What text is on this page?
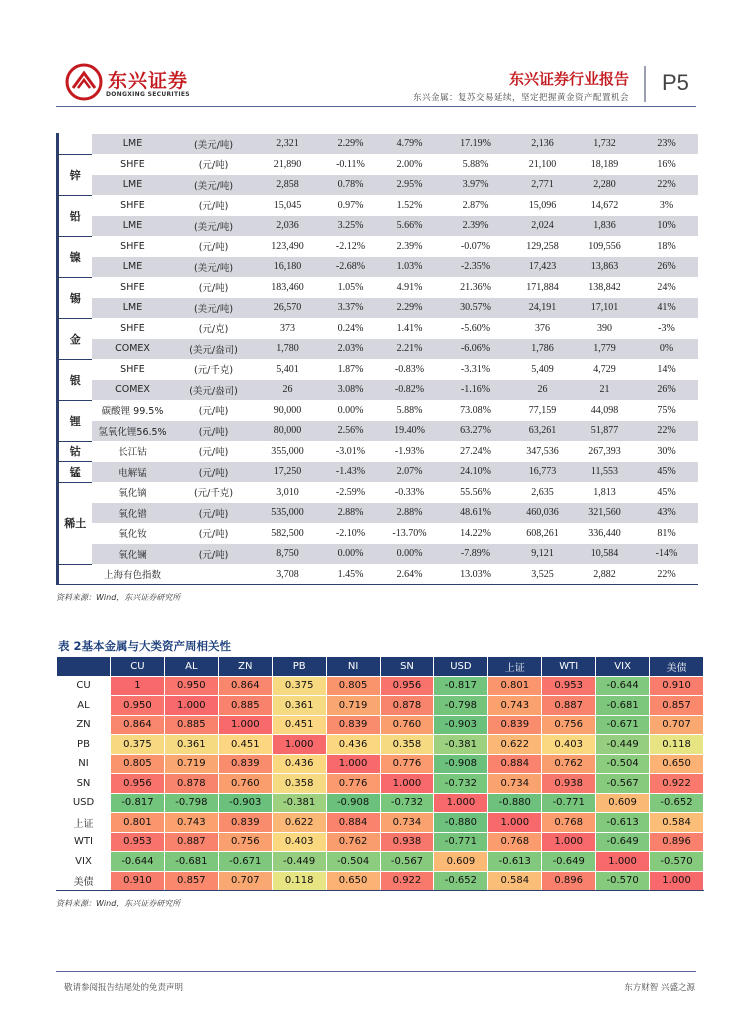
东兴证券
DONGXING SECURITIES
东兴证券行业报告
东兴金属：复苏交易延续，坚定把握黄金资产配置机会
P5
	LME	(美元/吨)	2,321	2.29%	4.79%	17.19%	2,136	1,732	23%
锌	SHFE	(元/吨)	21,890	-0.11%	2.00%	5.88%	21,100	18,189	16%
	LME	(美元/吨)	2,858	0.78%	2.95%	3.97%	2,771	2,280	22%
铅	SHFE	(元/吨)	15,045	0.97%	1.52%	2.87%	15,096	14,672	3%
	LME	(美元/吨)	2,036	3.25%	5.66%	2.39%	2,024	1,836	10%
镍	SHFE	(元/吨)	123,490	-2.12%	2.39%	-0.07%	129,258	109,556	18%
	LME	(美元/吨)	16,180	-2.68%	1.03%	-2.35%	17,423	13,863	26%
锡	SHFE	(元/吨)	183,460	1.05%	4.91%	21.36%	171,884	138,842	24%
	LME	(美元/吨)	26,570	3.37%	2.29%	30.57%	24,191	17,101	41%
金	SHFE	(元/克)	373	0.24%	1.41%	-5.60%	376	390	-3%
	COMEX	(美元/盎司)	1,780	2.03%	2.21%	-6.06%	1,786	1,779	0%
银	SHFE	(元/千克)	5,401	1.87%	-0.83%	-3.31%	5,409	4,729	14%
	COMEX	(美元/盎司)	26	3.08%	-0.82%	-1.16%	26	21	26%
锂	碳酸锂 99.5%	(元/吨)	90,000	0.00%	5.88%	73.08%	77,159	44,098	75%
	氢氧化锂56.5%	(元/吨)	80,000	2.56%	19.40%	63.27%	63,261	51,877	22%
钴	长江钴	(元/吨)	355,000	-3.01%	-1.93%	27.24%	347,536	267,393	30%
锰	电解锰	(元/吨)	17,250	-1.43%	2.07%	24.10%	16,773	11,553	45%
稀土	氧化镝	(元/千克)	3,010	-2.59%	-0.33%	55.56%	2,635	1,813	45%
	氧化镨	(元/吨)	535,000	2.88%	2.88%	48.61%	460,036	321,560	43%
	氧化钕	(元/吨)	582,500	-2.10%	-13.70%	14.22%	608,261	336,440	81%
	氧化镧	(元/吨)	8,750	0.00%	0.00%	-7.89%	9,121	10,584	-14%
	上海有色指数		3,708	1.45%	2.64%	13.03%	3,525	2,882	22%
资料来源：Wind，东兴证券研究所
表 2基本金属与大类资产周相关性
	CU	AL	ZN	PB	NI	SN	USD	上证	WTI	VIX	美债
CU	1	0.950	0.864	0.375	0.805	0.956	-0.817	0.801	0.953	-0.644	0.910
AL	0.950	1.000	0.885	0.361	0.719	0.878	-0.798	0.743	0.887	-0.681	0.857
ZN	0.864	0.885	1.000	0.451	0.839	0.760	-0.903	0.839	0.756	-0.671	0.707
PB	0.375	0.361	0.451	1.000	0.436	0.358	-0.381	0.622	0.403	-0.449	0.118
NI	0.805	0.719	0.839	0.436	1.000	0.776	-0.908	0.884	0.762	-0.504	0.650
SN	0.956	0.878	0.760	0.358	0.776	1.000	-0.732	0.734	0.938	-0.567	0.922
USD	-0.817	-0.798	-0.903	-0.381	-0.908	-0.732	1.000	-0.880	-0.771	0.609	-0.652
上证	0.801	0.743	0.839	0.622	0.884	0.734	-0.880	1.000	0.768	-0.613	0.584
WTI	0.953	0.887	0.756	0.403	0.762	0.938	-0.771	0.768	1.000	-0.649	0.896
VIX	-0.644	-0.681	-0.671	-0.449	-0.504	-0.567	0.609	-0.613	-0.649	1.000	-0.570
美债	0.910	0.857	0.707	0.118	0.650	0.922	-0.652	0.584	0.896	-0.570	1.000
资料来源：Wind，东兴证券研究所
敬请参阅报告结尾处的免责声明	东方财智 兴盛之源
